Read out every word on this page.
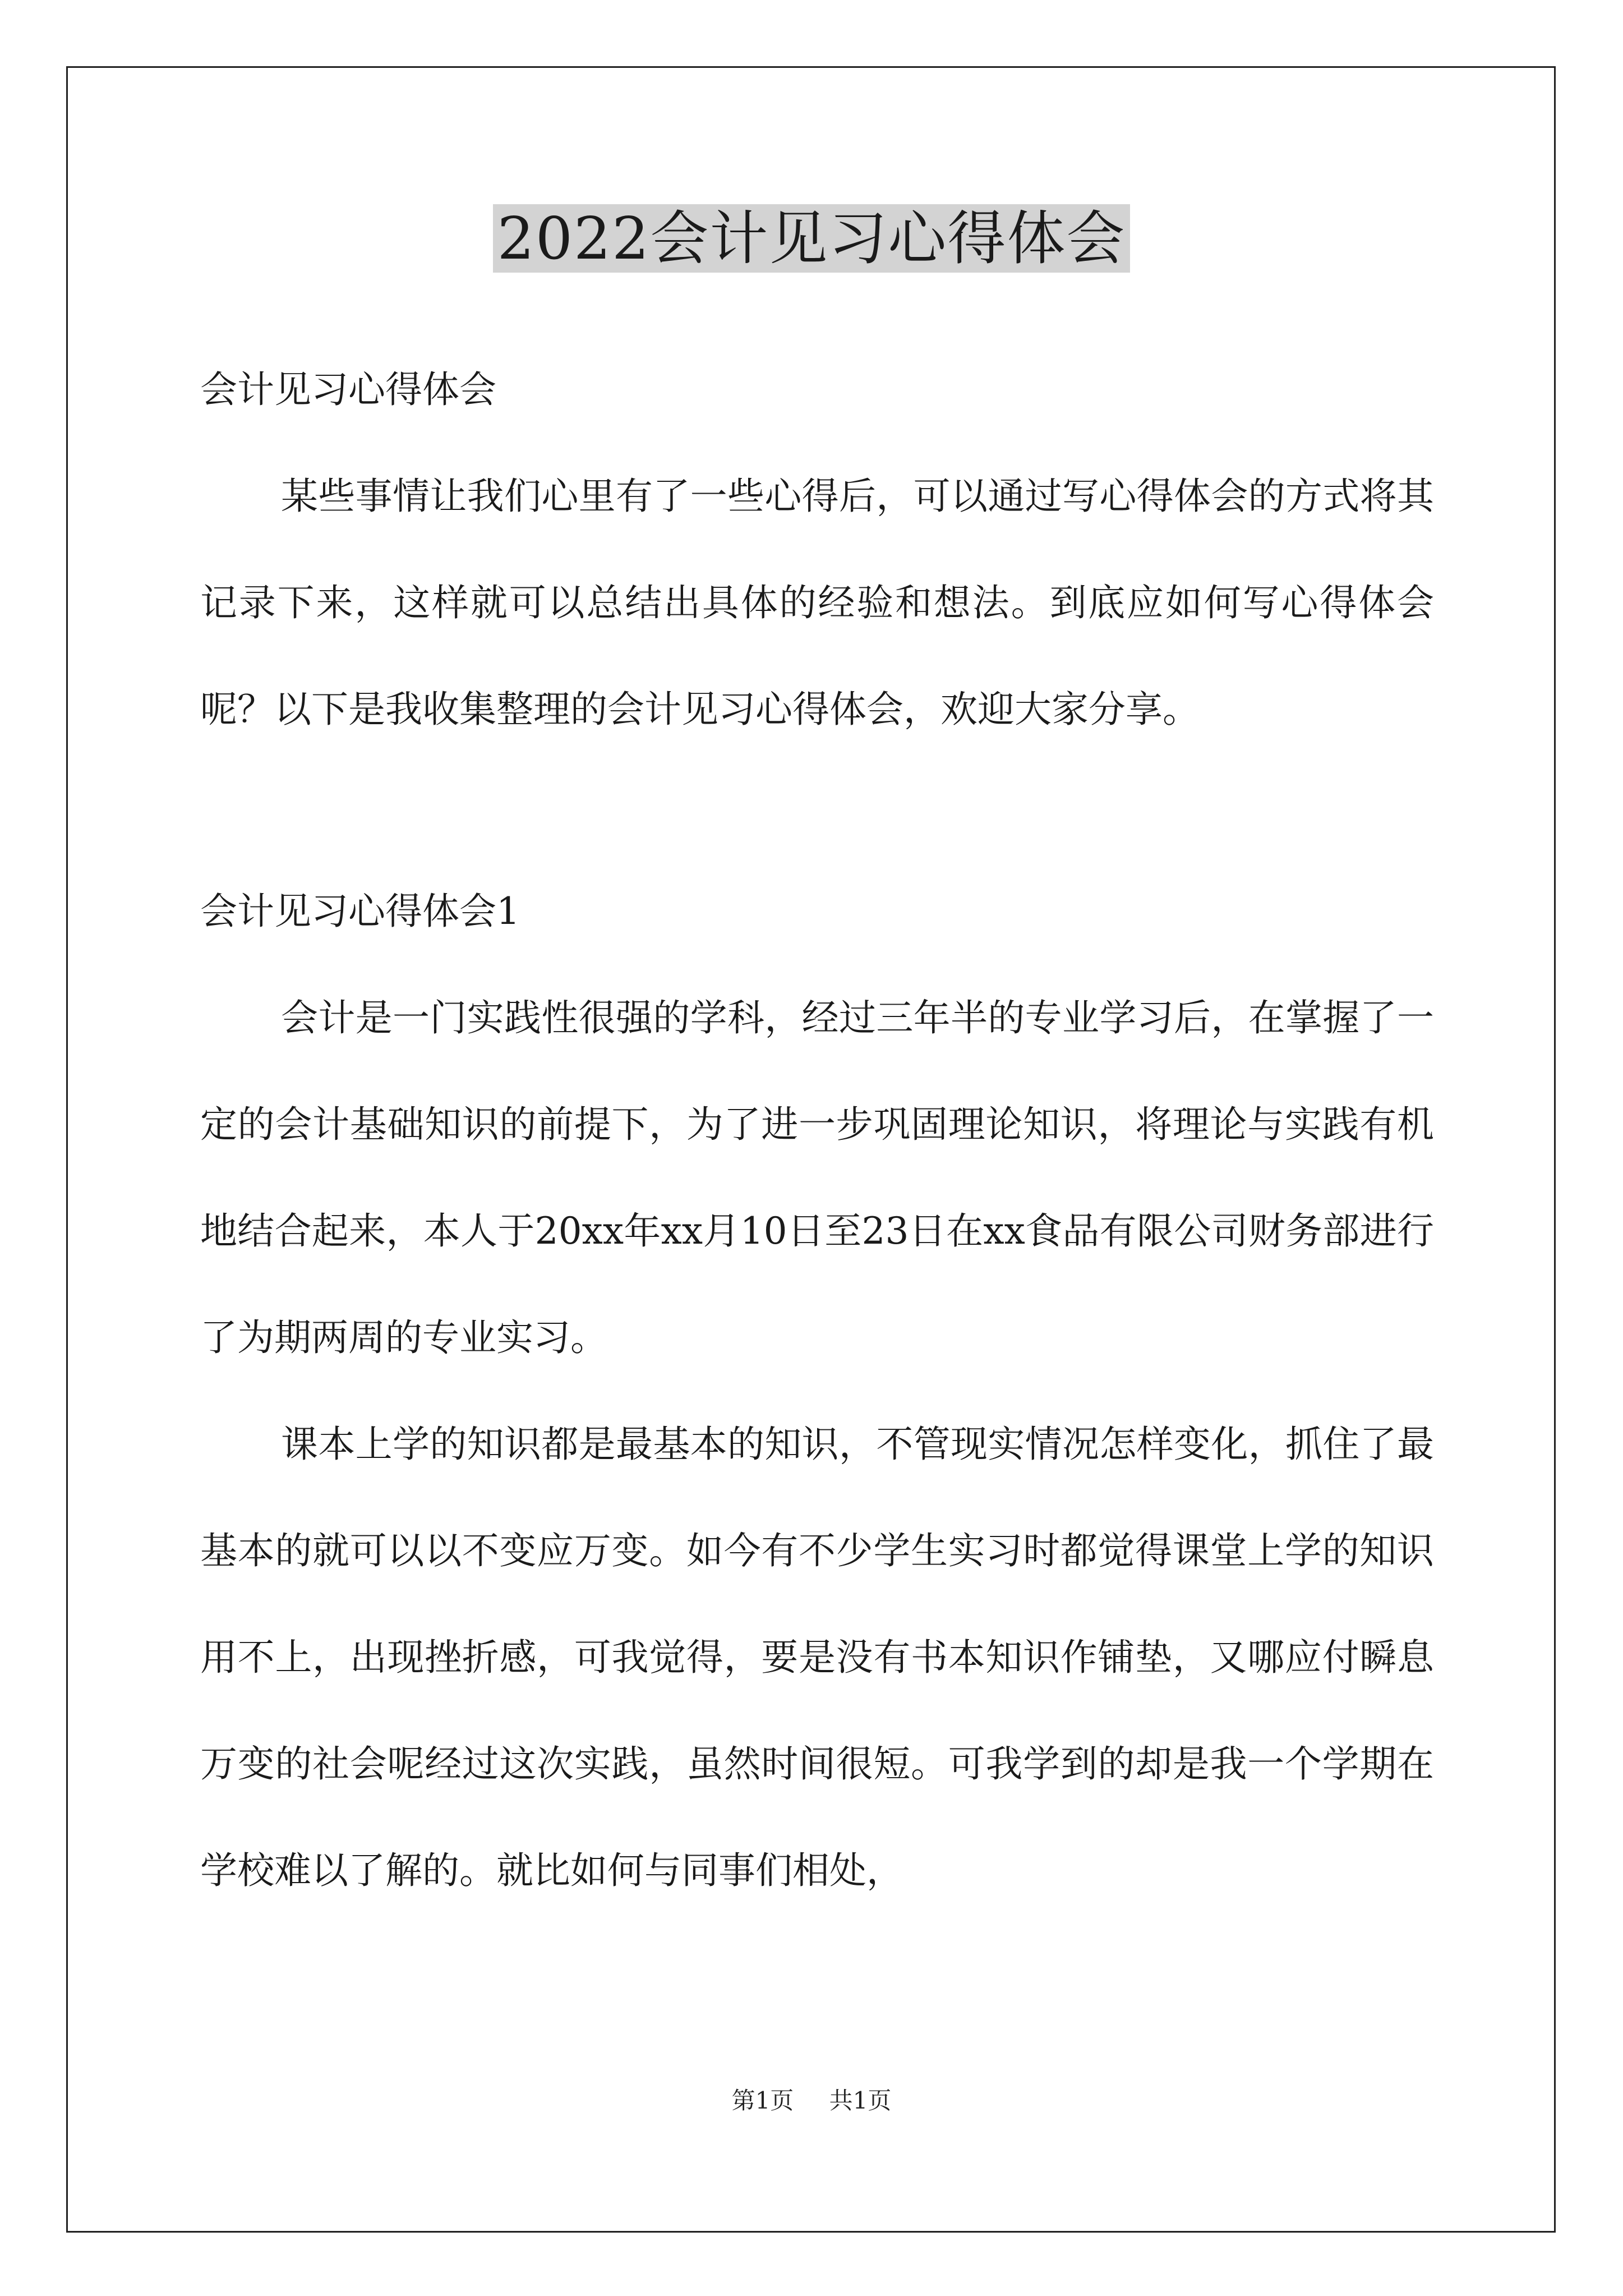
2022会计见习心得体会

会计见习心得体会

某些事情让我们心里有了一些心得后，可以通过写心得体会的方式将其记录下来，这样就可以总结出具体的经验和想法。到底应如何写心得体会呢？以下是我收集整理的会计见习心得体会，欢迎大家分享。

会计见习心得体会1

会计是一门实践性很强的学科，经过三年半的专业学习后，在掌握了一定的会计基础知识的前提下，为了进一步巩固理论知识，将理论与实践有机地结合起来，本人于20xx年xx月10日至23日在xx食品有限公司财务部进行了为期两周的专业实习。

课本上学的知识都是最基本的知识，不管现实情况怎样变化，抓住了最基本的就可以以不变应万变。如今有不少学生实习时都觉得课堂上学的知识用不上，出现挫折感，可我觉得，要是没有书本知识作铺垫，又哪应付瞬息万变的社会呢经过这次实践，虽然时间很短。可我学到的却是我一个学期在学校难以了解的。就比如何与同事们相处，

第1页 共1页
